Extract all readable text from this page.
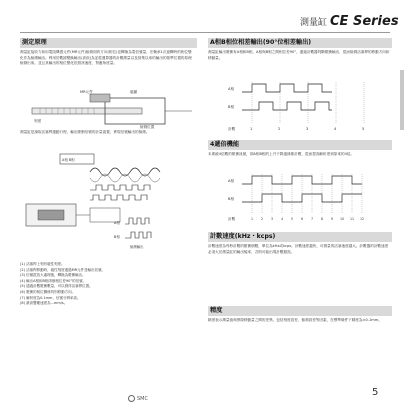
測量缸 CE Series
測定原理
測量缸接收力和用電阻傳感元件(MR元件)檢測面的方向(相位)並轉換為電信號量，在軸承1次旋轉時的相位變化作為檢測輸出。利用於數據變換輸出(高低)為並從運算器的計數測量以及採集以來的輸出的基準位置的原理檢測出來。並且其輸出的相位變化依照該速度，對應角度量。
MR元件	磁鐵
刻度
檢測位置
測量缸是讀取活塞桿運動行程，輸出脈衝信號的計量裝置，實現信號輸出的檢測。
A相 B相
A相
B相
檢測輸出
(1) 活塞桿上刻有磁性刻度。
(2) 活塞桿移動時，磁性刻度通過MR元件並輸出信號。
(3) 信號經放大處理後，轉換為脈衝輸出。
(4) 輸出A相和B相兩個相位差90°的信號。
(5) 通過計數脈衝數量，可以測得活塞桿位置。
(6) 脈衝的相位關係判別移動方向。
(7) 解析度為0.1mm，信號分辨率高。
(8) 最高響應速度為...mm/s。
A相B相位相差輸出(90°位相差輸出)
測量缸輸出脈衝有A相和B相，A相與B相之間相位差90°，通過計數器判斷脈衝輸出，從而檢測活塞桿的移動方向和移動量。
A相
B相
計數	1	2	3	4	5
4遞倍機能
本系統4倍數的脈衝訊號，即A相B相的上升下降邊緣都計數，從而提高解析度到原來的4倍。
A相
B相
計數	1 2 3 4 5 6 7 8 9 10 11 12
計數速度(kHz・kcps)
計數速度為每秒計數的脈衝個數，單位為kHz或kcps。計數速度越快，可測量的活塞速度越大。計數器的計數速度必須大於測量缸的輸出頻率，否則可能出現計數錯誤。
精度
精度表示測量值與實際移動量之間的差異。包括刻度誤差、檢測誤差等因素，在標準條件下精度為±0.1mm。
SMC
5
